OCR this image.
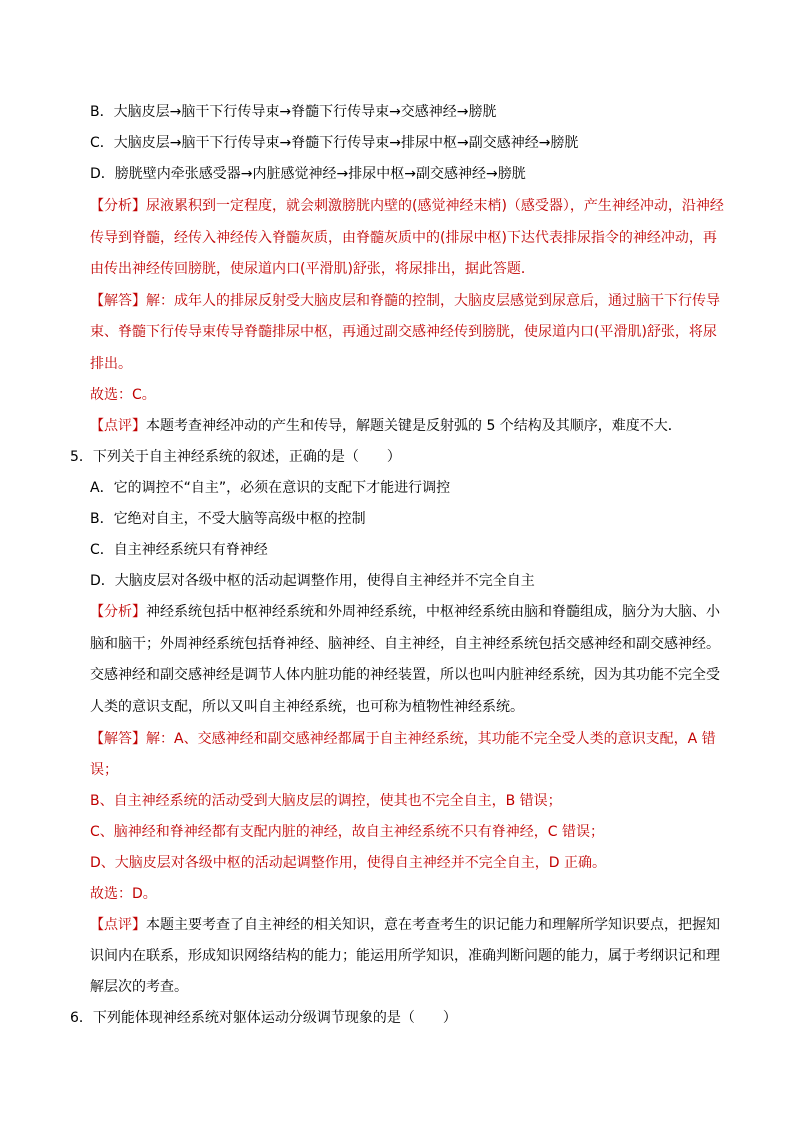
B．大脑皮层→脑干下行传导束→脊髓下行传导束→交感神经→膀胱
C．大脑皮层→脑干下行传导束→脊髓下行传导束→排尿中枢→副交感神经→膀胱
D．膀胱壁内牵张感受器→内脏感觉神经→排尿中枢→副交感神经→膀胱
【分析】尿液累积到一定程度，就会刺激膀胱内壁的(感觉神经末梢)（感受器），产生神经冲动，沿神经
传导到脊髓，经传入神经传入脊髓灰质，由脊髓灰质中的(排尿中枢)下达代表排尿指令的神经冲动，再
由传出神经传回膀胱，使尿道内口(平滑肌)舒张，将尿排出，据此答题．
【解答】解：成年人的排尿反射受大脑皮层和脊髓的控制，大脑皮层感觉到尿意后，通过脑干下行传导
束、脊髓下行传导束传导脊髓排尿中枢，再通过副交感神经传到膀胱，使尿道内口(平滑肌)舒张，将尿
排出。
故选：C。
【点评】本题考查神经冲动的产生和传导，解题关键是反射弧的 5 个结构及其顺序，难度不大．
5．下列关于自主神经系统的叙述，正确的是（　　）
A．它的调控不“自主”，必须在意识的支配下才能进行调控
B．它绝对自主，不受大脑等高级中枢的控制
C．自主神经系统只有脊神经
D．大脑皮层对各级中枢的活动起调整作用，使得自主神经并不完全自主
【分析】神经系统包括中枢神经系统和外周神经系统，中枢神经系统由脑和脊髓组成，脑分为大脑、小
脑和脑干；外周神经系统包括脊神经、脑神经、自主神经，自主神经系统包括交感神经和副交感神经。
交感神经和副交感神经是调节人体内脏功能的神经装置，所以也叫内脏神经系统，因为其功能不完全受
人类的意识支配，所以又叫自主神经系统，也可称为植物性神经系统。
【解答】解：A、交感神经和副交感神经都属于自主神经系统，其功能不完全受人类的意识支配，A 错
误；
B、自主神经系统的活动受到大脑皮层的调控，使其也不完全自主，B 错误；
C、脑神经和脊神经都有支配内脏的神经，故自主神经系统不只有脊神经，C 错误；
D、大脑皮层对各级中枢的活动起调整作用，使得自主神经并不完全自主，D 正确。
故选：D。
【点评】本题主要考查了自主神经的相关知识，意在考查考生的识记能力和理解所学知识要点，把握知
识间内在联系，形成知识网络结构的能力；能运用所学知识，准确判断问题的能力，属于考纲识记和理
解层次的考查。
6．下列能体现神经系统对躯体运动分级调节现象的是（　　）
